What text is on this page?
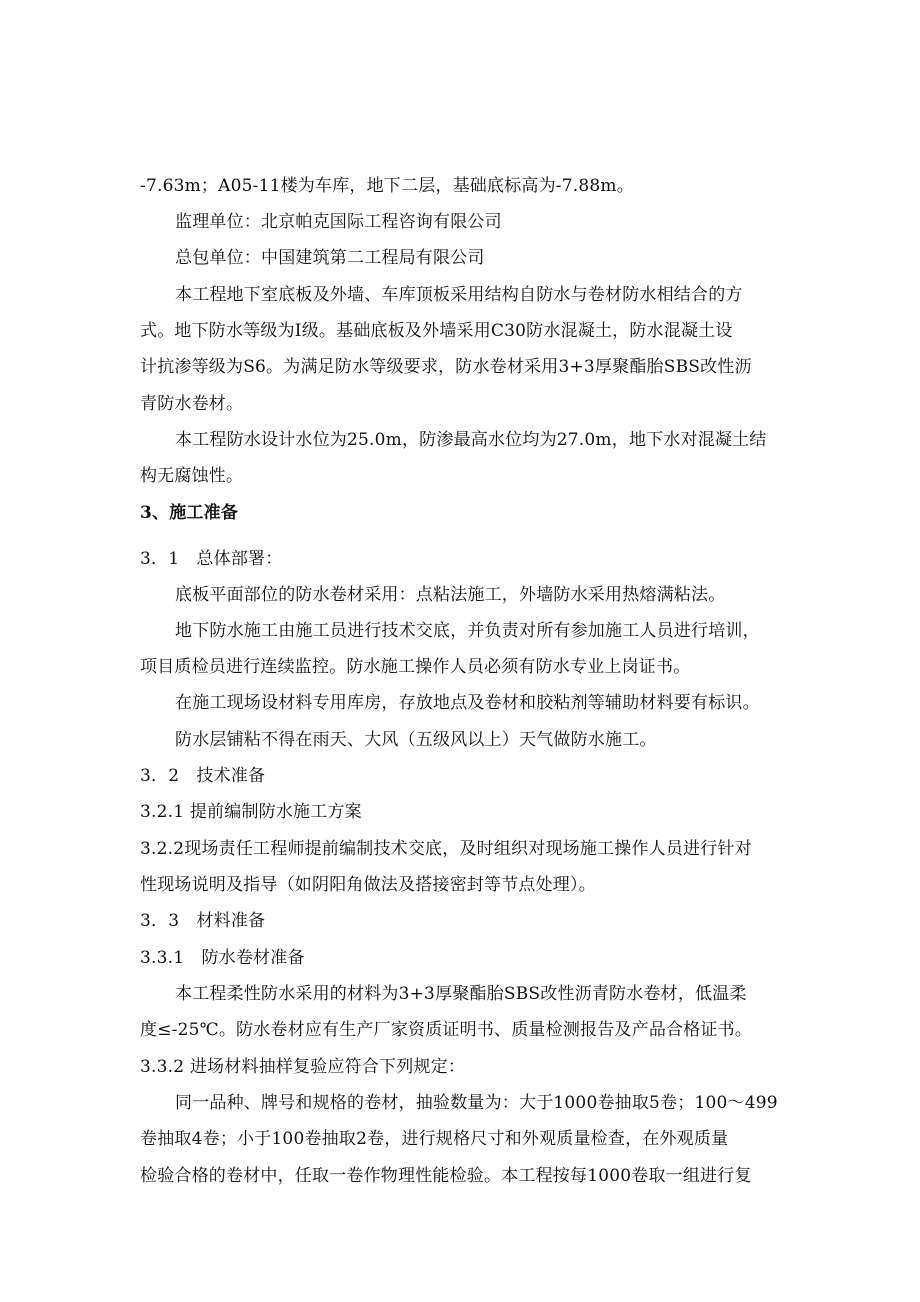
-7.63m；A05-11楼为车库，地下二层，基础底标高为-7.88m。
监理单位：北京帕克国际工程咨询有限公司
总包单位：中国建筑第二工程局有限公司
本工程地下室底板及外墙、车库顶板采用结构自防水与卷材防水相结合的方
式。地下防水等级为Ⅰ级。基础底板及外墙采用C30防水混凝土，防水混凝土设
计抗渗等级为S6。为满足防水等级要求，防水卷材采用3+3厚聚酯胎SBS改性沥
青防水卷材。
本工程防水设计水位为25.0m，防渗最高水位均为27.0m，地下水对混凝土结
构无腐蚀性。
3、施工准备
3．1　总体部署：
底板平面部位的防水卷材采用：点粘法施工，外墙防水采用热熔满粘法。
地下防水施工由施工员进行技术交底，并负责对所有参加施工人员进行培训，
项目质检员进行连续监控。防水施工操作人员必须有防水专业上岗证书。
在施工现场设材料专用库房，存放地点及卷材和胶粘剂等辅助材料要有标识。
防水层铺粘不得在雨天、大风（五级风以上）天气做防水施工。
3．2　技术准备
3.2.1 提前编制防水施工方案
3.2.2现场责任工程师提前编制技术交底，及时组织对现场施工操作人员进行针对
性现场说明及指导（如阴阳角做法及搭接密封等节点处理）。
3．3　材料准备
3.3.1　防水卷材准备
本工程柔性防水采用的材料为3+3厚聚酯胎SBS改性沥青防水卷材，低温柔
度≤-25℃。防水卷材应有生产厂家资质证明书、质量检测报告及产品合格证书。
3.3.2 进场材料抽样复验应符合下列规定：
同一品种、牌号和规格的卷材，抽验数量为：大于1000卷抽取5卷；100～499
卷抽取4卷；小于100卷抽取2卷，进行规格尺寸和外观质量检查，在外观质量
检验合格的卷材中，任取一卷作物理性能检验。本工程按每1000卷取一组进行复
